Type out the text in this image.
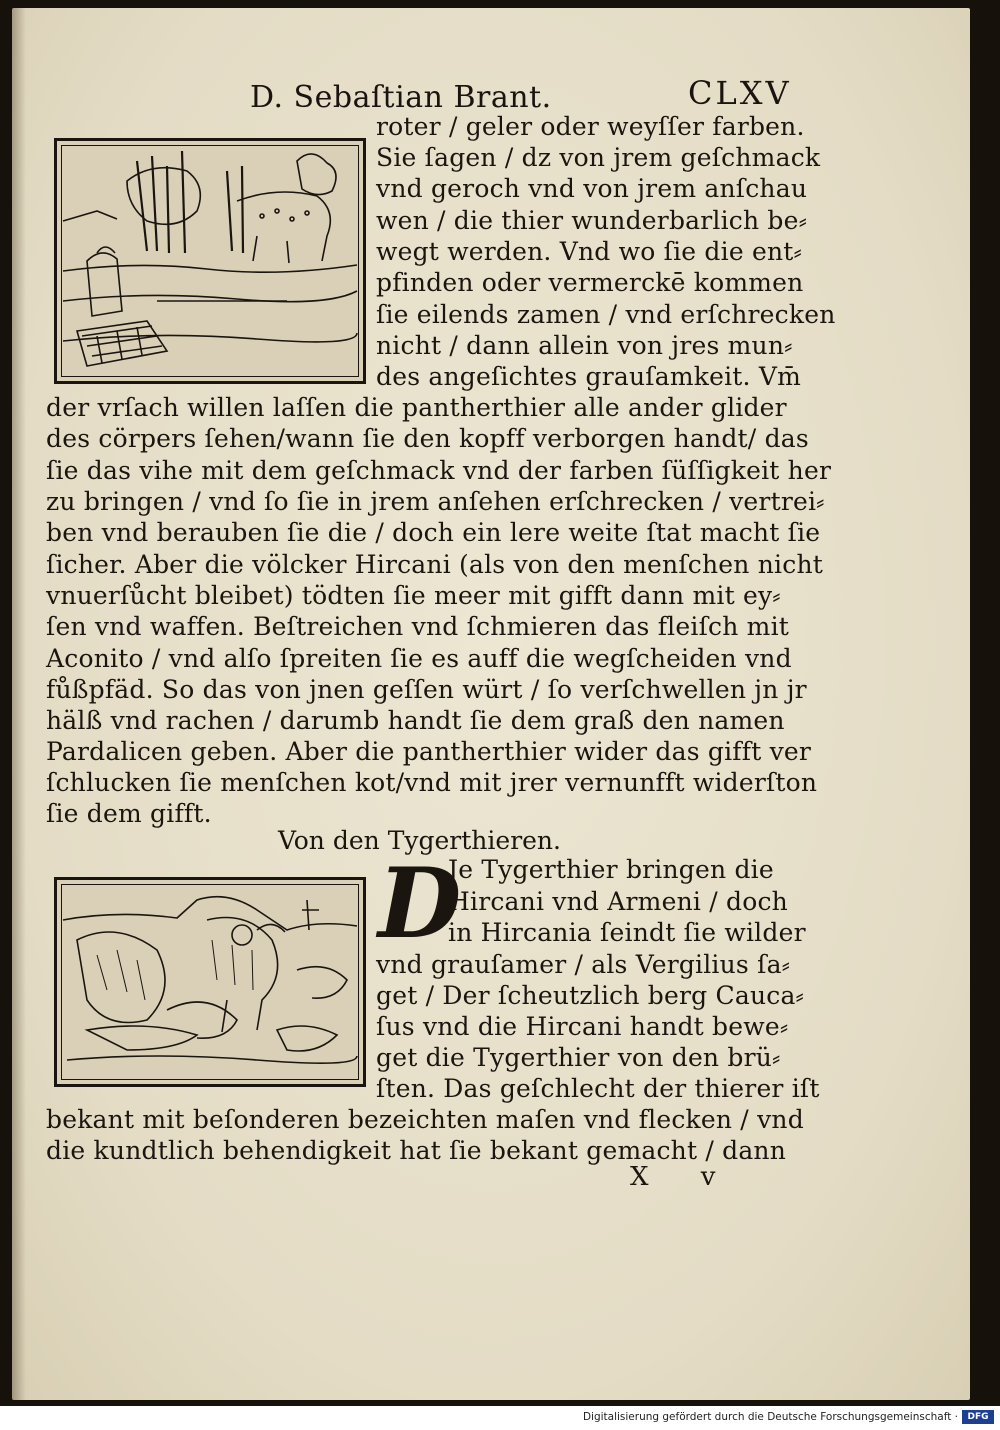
D. Sebaſtian Brant.	CLXV
roter / geler oder weyſſer farben.
Sie ſagen / dz von jrem geſchmack
vnd geroch vnd von jrem anſchau
wen / die thier wunderbarlich be⸗
wegt werden. Vnd wo ſie die ent⸗
pfinden oder vermerckē kommen
ſie eilends zamen / vnd erſchrecken
nicht / dann allein von jres mun⸗
des angeſichtes grauſamkeit. Vm̄
der vrſach willen laſſen die pantherthier alle ander glider
des cörpers ſehen/wann ſie den kopff verborgen handt/ das
ſie das vihe mit dem geſchmack vnd der farben ſüſſigkeit her
zu bringen / vnd ſo ſie in jrem anſehen erſchrecken / vertrei⸗
ben vnd berauben ſie die / doch ein lere weite ſtat macht ſie
ſicher. Aber die völcker Hircani (als von den menſchen nicht
vnuerſůcht bleibet) tödten ſie meer mit gifft dann mit ey⸗
ſen vnd waffen. Beſtreichen vnd ſchmieren das fleiſch mit
Aconito / vnd alſo ſpreiten ſie es auff die wegſcheiden vnd
fůßpfäd. So das von jnen geſſen würt / ſo verſchwellen jn jr
hälß vnd rachen / darumb handt ſie dem graß den namen
Pardalicen geben. Aber die pantherthier wider das gifft ver
ſchlucken ſie menſchen kot/vnd mit jrer vernunfft widerſton
ſie dem gifft.
Von den Tygerthieren.
D
Je Tygerthier bringen die
Hircani vnd Armeni / doch
in Hircania ſeindt ſie wilder
vnd grauſamer / als Vergilius ſa⸗
get / Der ſcheutzlich berg Cauca⸗
ſus vnd die Hircani handt bewe⸗
get die Tygerthier von den brü⸗
ſten. Das geſchlecht der thierer iſt
bekant mit beſonderen bezeichten maſen vnd flecken / vnd
die kundtlich behendigkeit hat ſie bekant gemacht / dann
X v
Digitalisierung gefördert durch die Deutsche Forschungsgemeinschaft ·	DFG
